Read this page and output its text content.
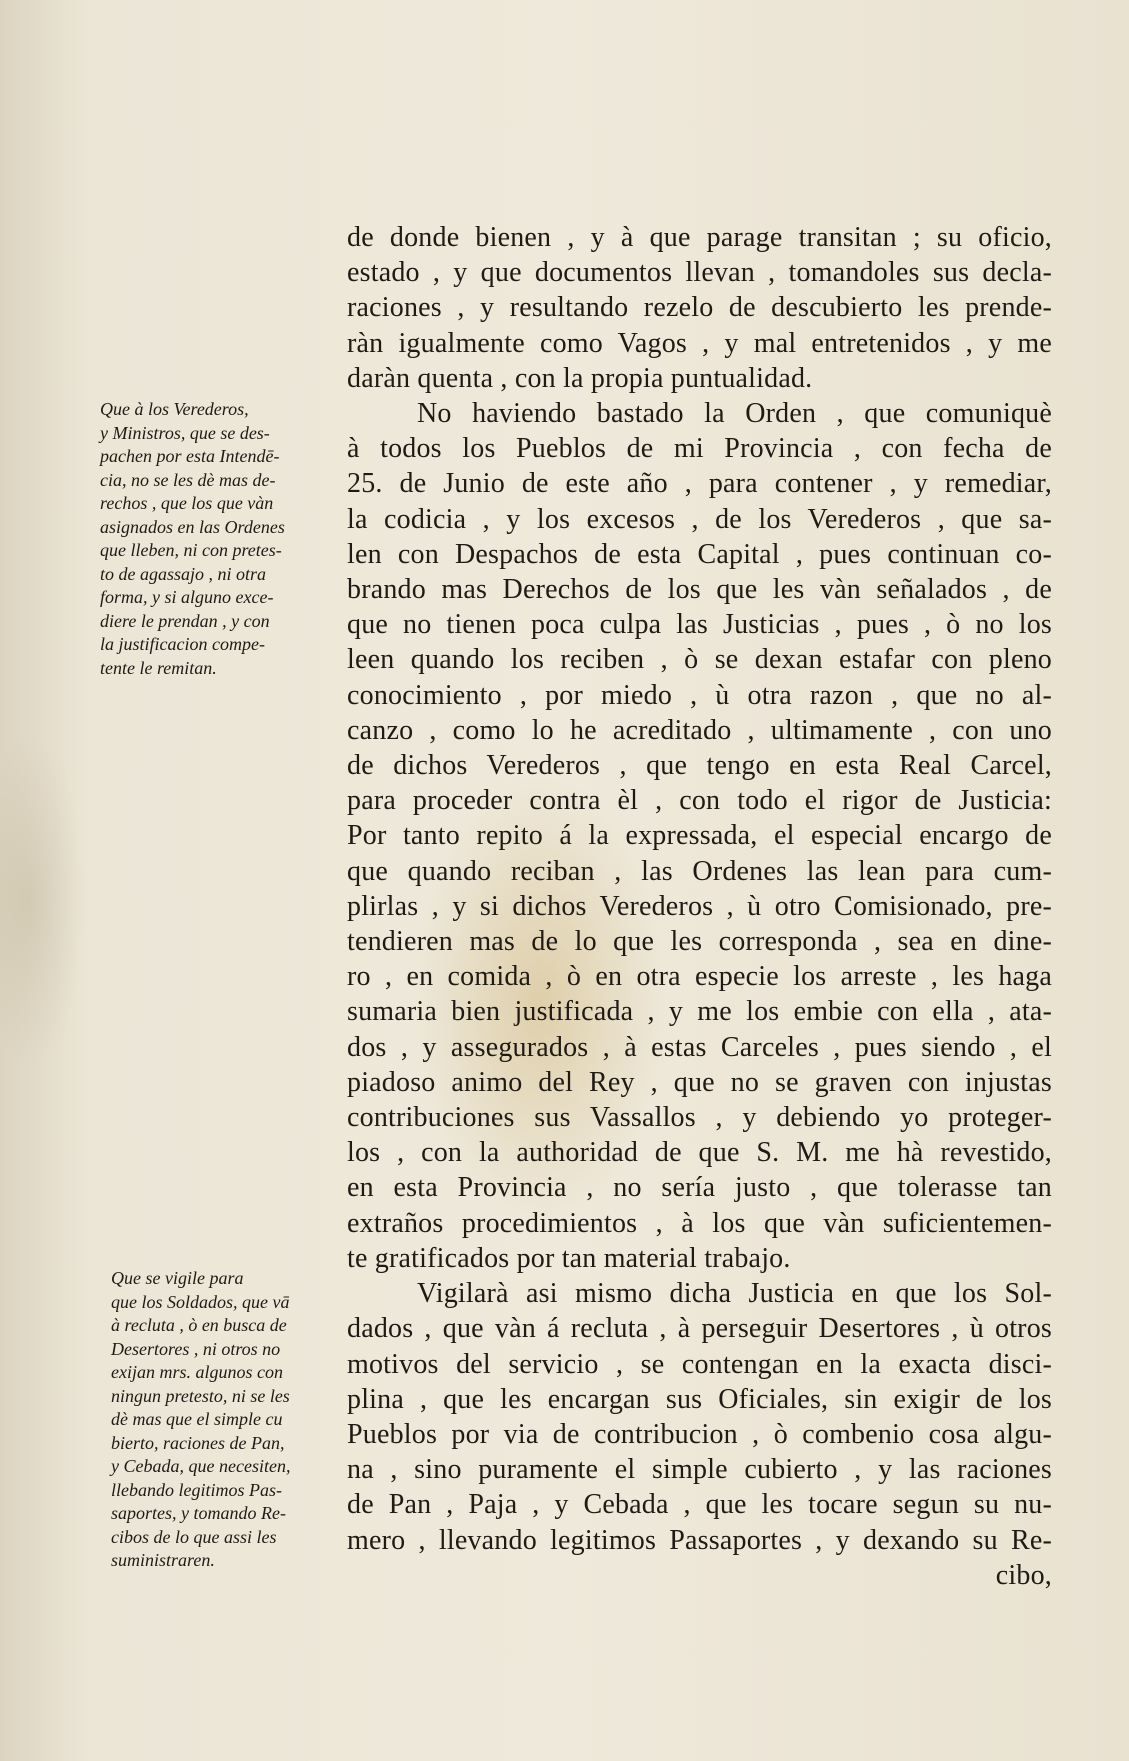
Que à los Verederos,
y Ministros, que se des-
pachen por esta Intendē-
cia, no se les dè mas de-
rechos , que los que vàn
asignados en las Ordenes
que lleben, ni con pretes-
to de agassajo , ni otra
forma, y si alguno exce-
diere le prendan , y con
la justificacion compe-
tente le remitan.
Que se vigile para
que los Soldados, que vā
à recluta , ò en busca de
Desertores , ni otros no
exijan mrs. algunos con
ningun pretesto, ni se les
dè mas que el simple cu
bierto, raciones de Pan,
y Cebada, que necesiten,
llebando legitimos Pas-
saportes, y tomando Re-
cibos de lo que assi les
suministraren.
de donde bienen , y à que parage transitan ; su oficio,
estado , y que documentos llevan , tomandoles sus decla-
raciones , y resultando rezelo de descubierto les prende-
ràn igualmente como Vagos , y mal entretenidos , y me
daràn quenta , con la propia puntualidad.
No haviendo bastado la Orden , que comuniquè
à todos los Pueblos de mi Provincia , con fecha de
25. de Junio de este año , para contener , y remediar,
la codicia , y los excesos , de los Verederos , que sa-
len con Despachos de esta Capital , pues continuan co-
brando mas Derechos de los que les vàn señalados , de
que no tienen poca culpa las Justicias , pues , ò no los
leen quando los reciben , ò se dexan estafar con pleno
conocimiento , por miedo , ù otra razon , que no al-
canzo , como lo he acreditado , ultimamente , con uno
de dichos Verederos , que tengo en esta Real Carcel,
para proceder contra èl , con todo el rigor de Justicia:
Por tanto repito á la expressada, el especial encargo de
que quando reciban , las Ordenes las lean para cum-
plirlas , y si dichos Verederos , ù otro Comisionado, pre-
tendieren mas de lo que les corresponda , sea en dine-
ro , en comida , ò en otra especie los arreste , les haga
sumaria bien justificada , y me los embie con ella , ata-
dos , y assegurados , à estas Carceles , pues siendo , el
piadoso animo del Rey , que no se graven con injustas
contribuciones sus Vassallos , y debiendo yo proteger-
los , con la authoridad de que S. M. me hà revestido,
en esta Provincia , no sería justo , que tolerasse tan
extraños procedimientos , à los que vàn suficientemen-
te gratificados por tan material trabajo.
Vigilarà asi mismo dicha Justicia en que los Sol-
dados , que vàn á recluta , à perseguir Desertores , ù otros
motivos del servicio , se contengan en la exacta disci-
plina , que les encargan sus Oficiales, sin exigir de los
Pueblos por via de contribucion , ò combenio cosa algu-
na , sino puramente el simple cubierto , y las raciones
de Pan , Paja , y Cebada , que les tocare segun su nu-
mero , llevando legitimos Passaportes , y dexando su Re-
cibo,
